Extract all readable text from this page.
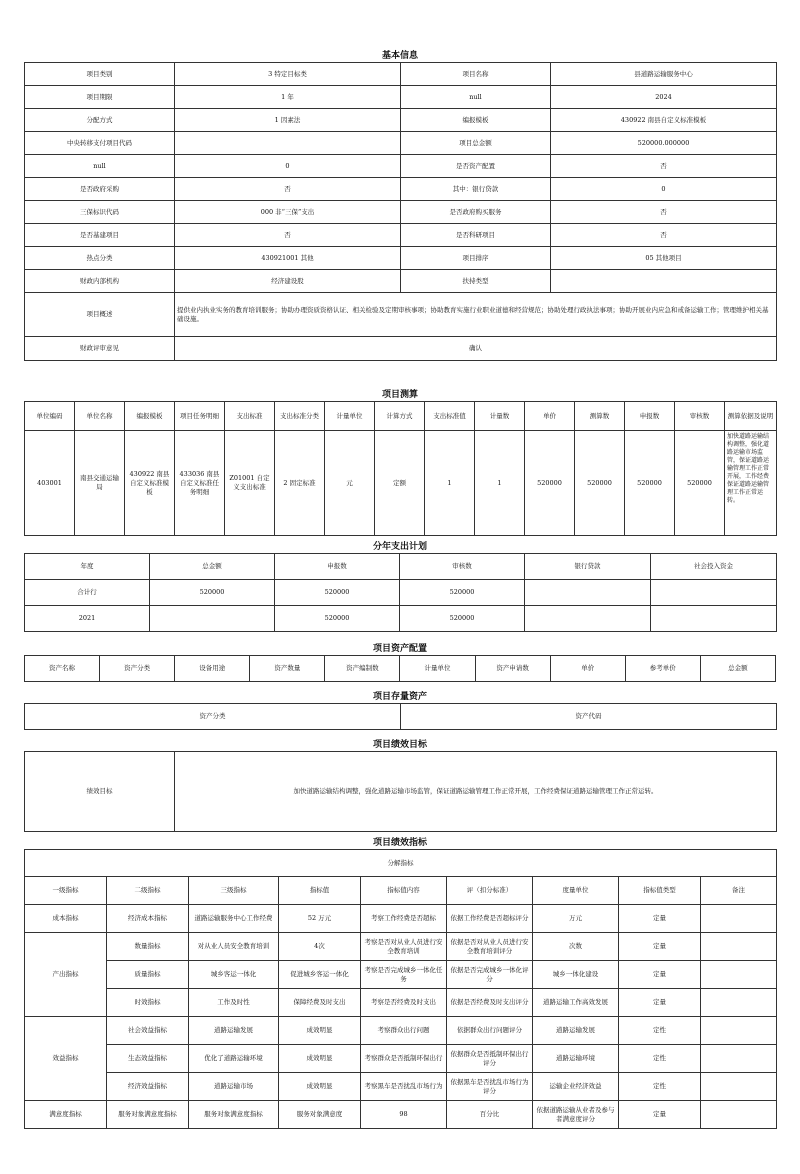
基本信息
项目类别	3 特定目标类	项目名称	县道路运输服务中心
项目期限	1 年	null	2024
分配方式	1 因素法	编报模板	430922 南县自定义标准模板
中央转移支付项目代码		项目总金额	520000.000000
null	0	是否资产配置	否
是否政府采购	否	其中：银行贷款	0
三保标识代码	000 非“三保”支出	是否政府购买服务	否
是否基建项目	否	是否科研项目	否
热点分类	430921001 其他	项目排序	05 其他项目
财政内部机构	经济建设股	扶持类型	
项目概述	提供业内执业实务的教育培训服务；协助办理资质资格认证、相关检验及定期审核事项；协助教育实施行业职业道德和经营规范；协助处理行政执法事项；协助开展业内应急和戒备运输工作；管理维护相关基础设施。		
财政评审意见	确认		
项目测算
单位编码	单位名称	编报模板	项目任务明细	支出标准	支出标准分类	计量单位	计算方式	支出标准值	计量数	单价	测算数	申报数	审核数	测算依据及说明
403001	南县交通运输局	430922 南县自定义标准模板	433036 南县自定义标准任务明细	Z01001 自定义支出标准	2 固定标准	元	定额	1	1	520000	520000	520000	520000	加快道路运输结构调整，强化道路运输市场监管，保证道路运输管理工作正常开展，工作经费保证道路运输管理工作正常运转。
分年支出计划
年度	总金额	申报数	审核数	银行贷款	社会投入资金
合计行	520000	520000	520000		
2021		520000	520000		
项目资产配置
资产名称	资产分类	设备用途	资产数量	资产编制数	计量单位	资产申请数	单价	参考单价	总金额
项目存量资产
资产分类	资产代码
项目绩效目标
绩效目标	加快道路运输结构调整，强化道路运输市场监管，保证道路运输管理工作正常开展，工作经费保证道路运输管理工作正常运转。
项目绩效指标
分解指标								
一级指标	二级指标	三级指标	指标值	指标值内容	评（扣分标准）	度量单位	指标值类型	备注
成本指标	经济成本指标	道路运输服务中心工作经费	52 万元	考察工作经费是否超标	依据工作经费是否超标评分	万元	定量	
产出指标	数量指标	对从业人员安全教育培训	4次	考察是否对从业人员进行安全教育培训	依据是否对从业人员进行安全教育培训评分	次数	定量	
	质量指标	城乡客运一体化	促进城乡客运一体化	考察是否完成城乡一体化任务	依据是否完成城乡一体化评分	城乡一体化建设	定量	
	时效指标	工作及时性	保障经费及时支出	考察是否经费及时支出	依据是否经费及时支出评分	道路运输工作高效发展	定量	
效益指标	社会效益指标	道路运输发展	成效明显	考察群众出行问题	依据群众出行问题评分	道路运输发展	定性	
	生态效益指标	优化了道路运输环境	成效明显	考察群众是否抵制环保出行	依据群众是否抵制环保出行评分	道路运输环境	定性	
	经济效益指标	道路运输市场	成效明显	考察黑车是否扰乱市场行为	依据黑车是否扰乱市场行为评分	运输企业经济效益	定性	
满意度指标	服务对象满意度指标	服务对象满意度指标	服务对象满意度	98	百分比	依据道路运输从业者及参与者满意度评分	定量	
